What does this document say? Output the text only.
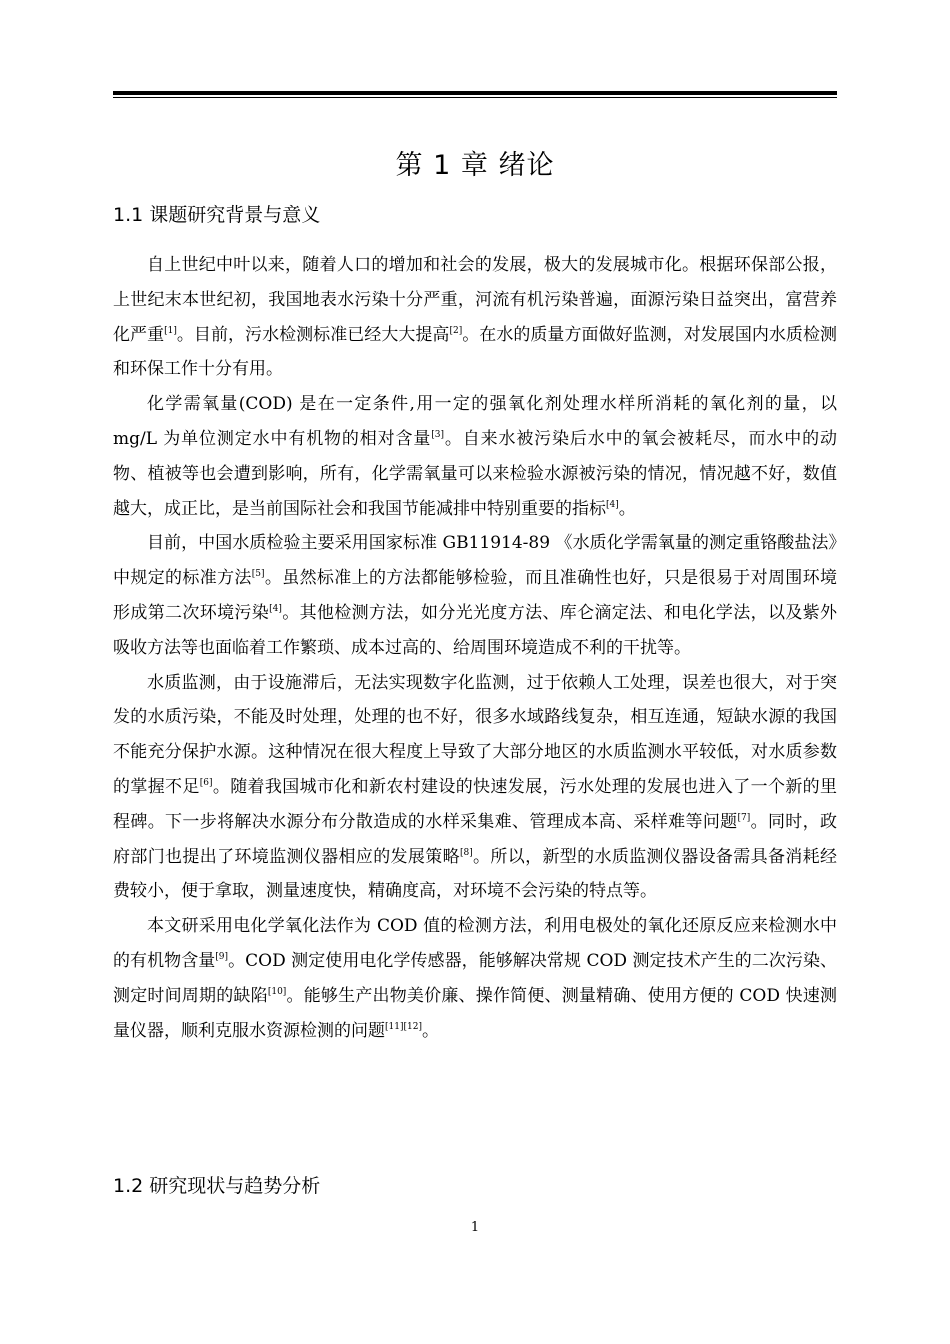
第 1 章 绪论
1.1 课题研究背景与意义

自上世纪中叶以来，随着人口的增加和社会的发展，极大的发展城市化。根据环保部公报，上世纪末本世纪初，我国地表水污染十分严重，河流有机污染普遍，面源污染日益突出，富营养化严重[1]。目前，污水检测标准已经大大提高[2]。在水的质量方面做好监测，对发展国内水质检测和环保工作十分有用。

化学需氧量(COD) 是在一定条件,用一定的强氧化剂处理水样所消耗的氧化剂的量，以 mg/L 为单位测定水中有机物的相对含量[3]。自来水被污染后水中的氧会被耗尽，而水中的动物、植被等也会遭到影响，所有，化学需氧量可以来检验水源被污染的情况，情况越不好，数值越大，成正比，是当前国际社会和我国节能减排中特别重要的指标[4]。

目前，中国水质检验主要采用国家标准 GB11914-89 《水质化学需氧量的测定重铬酸盐法》中规定的标准方法[5]。虽然标准上的方法都能够检验，而且准确性也好，只是很易于对周围环境形成第二次环境污染[4]。其他检测方法，如分光光度方法、库仑滴定法、和电化学法，以及紫外吸收方法等也面临着工作繁琐、成本过高的、给周围环境造成不利的干扰等。

水质监测，由于设施滞后，无法实现数字化监测，过于依赖人工处理，误差也很大，对于突发的水质污染，不能及时处理，处理的也不好，很多水域路线复杂，相互连通，短缺水源的我国不能充分保护水源。这种情况在很大程度上导致了大部分地区的水质监测水平较低，对水质参数的掌握不足[6]。随着我国城市化和新农村建设的快速发展，污水处理的发展也进入了一个新的里程碑。下一步将解决水源分布分散造成的水样采集难、管理成本高、采样难等问题[7]。同时，政府部门也提出了环境监测仪器相应的发展策略[8]。所以，新型的水质监测仪器设备需具备消耗经费较小，便于拿取，测量速度快，精确度高，对环境不会污染的特点等。

本文研采用电化学氧化法作为 COD 值的检测方法，利用电极处的氧化还原反应来检测水中的有机物含量[9]。COD 测定使用电化学传感器，能够解决常规 COD 测定技术产生的二次污染、测定时间周期的缺陷[10]。能够生产出物美价廉、操作简便、测量精确、使用方便的 COD 快速测量仪器，顺利克服水资源检测的问题[11][12]。

1.2 研究现状与趋势分析
1
